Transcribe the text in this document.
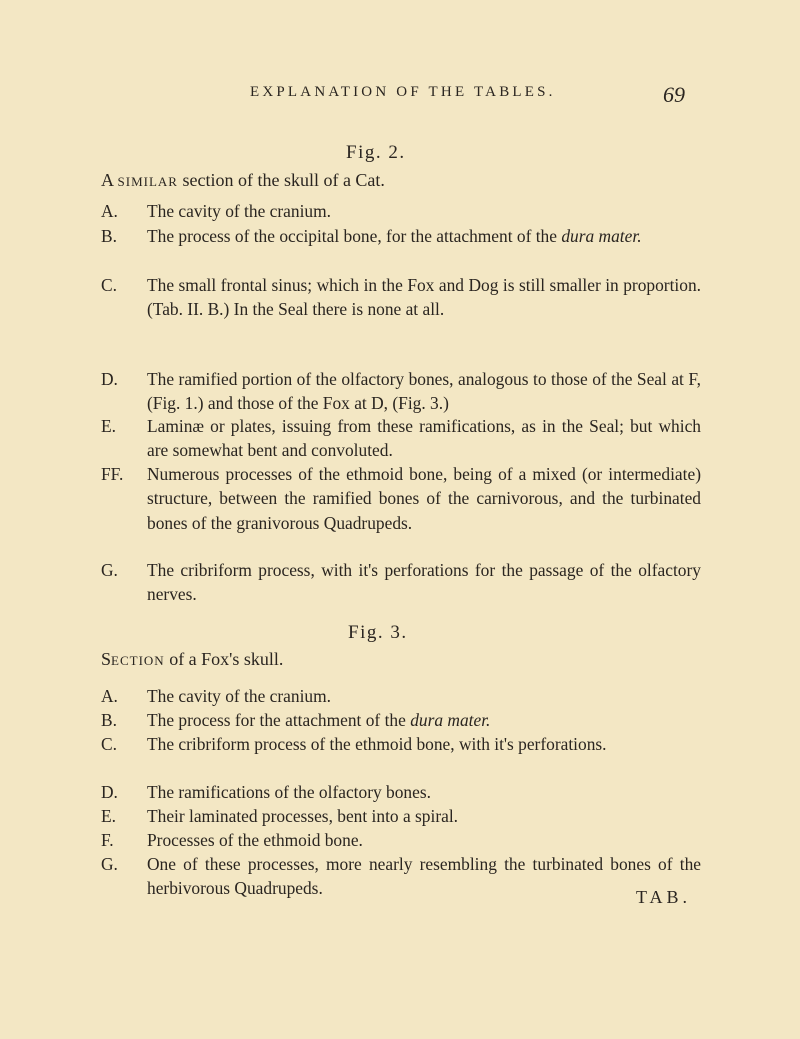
EXPLANATION OF THE TABLES.	69
Fig. 2.
A similar section of the skull of a Cat.
A. The cavity of the cranium.
B. The process of the occipital bone, for the attachment of the dura mater.
C. The small frontal sinus; which in the Fox and Dog is still smaller in proportion. (Tab. II. B.) In the Seal there is none at all.
D. The ramified portion of the olfactory bones, analogous to those of the Seal at F, (Fig. 1.) and those of the Fox at D, (Fig. 3.)
E. Laminæ or plates, issuing from these ramifications, as in the Seal; but which are somewhat bent and convoluted.
FF. Numerous processes of the ethmoid bone, being of a mixed (or intermediate) structure, between the ramified bones of the carnivorous, and the turbinated bones of the granivorous Quadrupeds.
G. The cribriform process, with it's perforations for the passage of the olfactory nerves.
Fig. 3.
Section of a Fox's skull.
A. The cavity of the cranium.
B. The process for the attachment of the dura mater.
C. The cribriform process of the ethmoid bone, with it's perforations.
D. The ramifications of the olfactory bones.
E. Their laminated processes, bent into a spiral.
F. Processes of the ethmoid bone.
G. One of these processes, more nearly resembling the turbinated bones of the herbivorous Quadrupeds.	TAB.
